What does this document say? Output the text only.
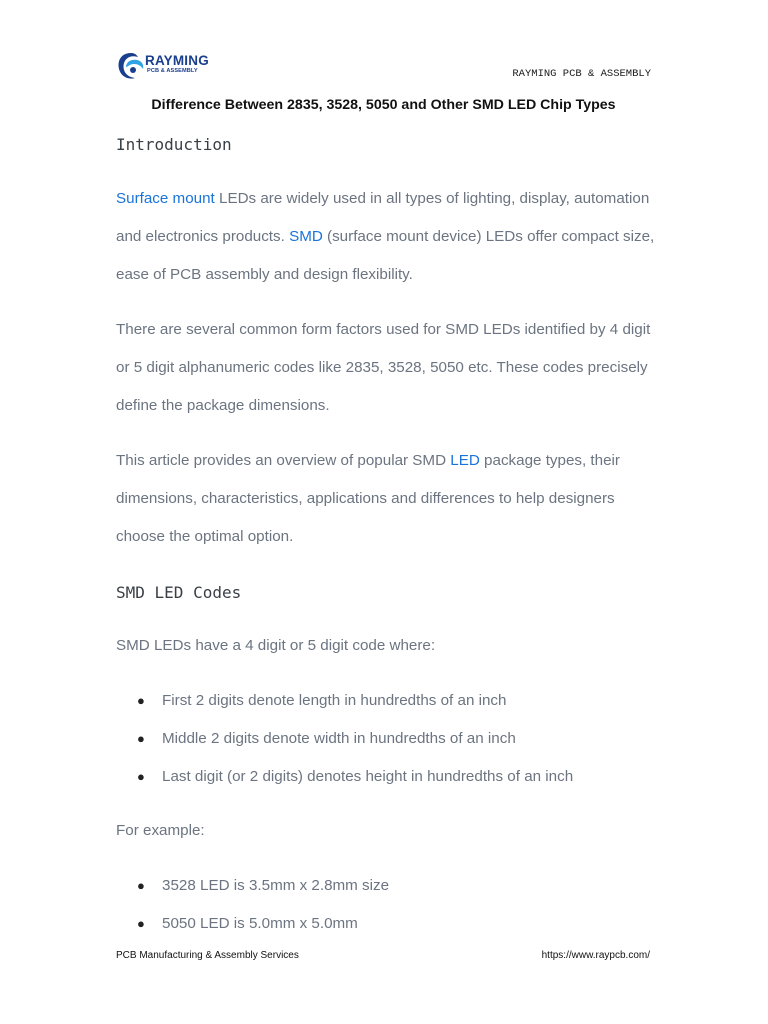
RAYMING
PCB & ASSEMBLY	RAYMING PCB & ASSEMBLY
Difference Between 2835, 3528, 5050 and Other SMD LED Chip Types
Introduction

Surface mount LEDs are widely used in all types of lighting, display, automation and electronics products. SMD (surface mount device) LEDs offer compact size, ease of PCB assembly and design flexibility.

There are several common form factors used for SMD LEDs identified by 4 digit or 5 digit alphanumeric codes like 2835, 3528, 5050 etc. These codes precisely define the package dimensions.

This article provides an overview of popular SMD LED package types, their dimensions, characteristics, applications and differences to help designers choose the optimal option.

SMD LED Codes
SMD LEDs have a 4 digit or 5 digit code where:
● First 2 digits denote length in hundredths of an inch
● Middle 2 digits denote width in hundredths of an inch
● Last digit (or 2 digits) denotes height in hundredths of an inch
For example:
● 3528 LED is 3.5mm x 2.8mm size
● 5050 LED is 5.0mm x 5.0mm
PCB Manufacturing & Assembly Services	https://www.raypcb.com/
